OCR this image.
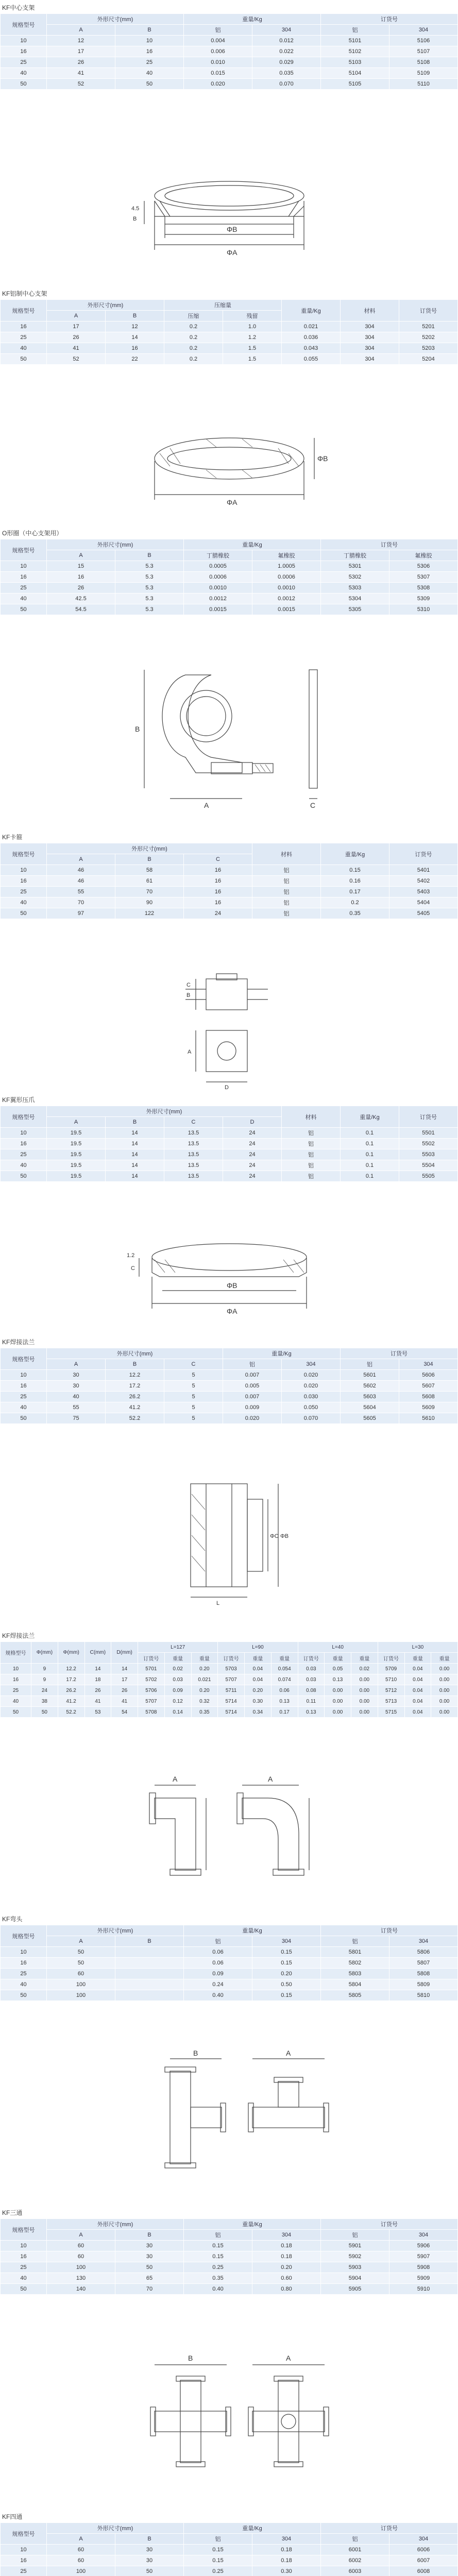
KF中心支架
规格型号	外形尺寸(mm)		重量/Kg		订货号	
	A	B	铝	304	铝	304
10	12	10	0.004	0.012	5101	5106
16	17	16	0.006	0.022	5102	5107
25	26	25	0.010	0.029	5103	5108
40	41	40	0.015	0.035	5104	5109
50	52	50	0.020	0.070	5105	5110
ΦB
ΦA
4.5
B
KF铝制中心支架
规格型号	外形尺寸(mm)		压缩量		重量/Kg	材料	订货号
	A	B	压缩	残留			
16	17	12	0.2	1.0	0.021	304	5201
25	26	14	0.2	1.2	0.036	304	5202
40	41	16	0.2	1.5	0.043	304	5203
50	52	22	0.2	1.5	0.055	304	5204
ΦA
ΦB
O形圈（中心支架用）
规格型号	外形尺寸(mm)		重量/Kg		订货号	
	A	B	丁腈橡胶	氟橡胶	丁腈橡胶	氟橡胶
10	15	5.3	0.0005	1.0005	5301	5306
16	16	5.3	0.0006	0.0006	5302	5307
25	26	5.3	0.0010	0.0010	5303	5308
40	42.5	5.3	0.0012	0.0012	5304	5309
50	54.5	5.3	0.0015	0.0015	5305	5310
A
B
C
KF卡箍
规格型号	外形尺寸(mm)			材料	重量/Kg	订货号
	A	B	C			
10	46	58	16	铝	0.15	5401
16	46	61	16	铝	0.16	5402
25	55	70	16	铝	0.17	5403
40	70	90	16	铝	0.2	5404
50	97	122	24	铝	0.35	5405
C
B
A
D
KF翼形压爪
规格型号	外形尺寸(mm)				材料	重量/Kg	订货号
	A	B	C	D			
10	19.5	14	13.5	24	铝	0.1	5501
16	19.5	14	13.5	24	铝	0.1	5502
25	19.5	14	13.5	24	铝	0.1	5503
40	19.5	14	13.5	24	铝	0.1	5504
50	19.5	14	13.5	24	铝	0.1	5505
ΦB
ΦA
C
1.2
KF焊接法兰
规格型号	外形尺寸(mm)			重量/Kg		订货号	
	A	B	C	铝	304	铝	304
10	30	12.2	5	0.007	0.020	5601	5606
16	30	17.2	5	0.005	0.020	5602	5607
25	40	26.2	5	0.007	0.030	5603	5608
40	55	41.2	5	0.009	0.050	5604	5609
50	75	52.2	5	0.020	0.070	5605	5610
ΦC ΦB
L
KF焊接法兰
规格型号	Φ(mm)	Φ(mm)	C(mm)	D(mm)	L=127			L=90			L=40			L=30		
					订货号	重量	重量	订货号	重量	重量	订货号	重量	重量	订货号	重量	重量
10	9	12.2	14	14	5701	0.02	0.20	5703	0.04	0.054	0.03	0.05	0.02	5709	0.04	0.00
16	9	17.2	18	17	5702	0.03	0.021	5707	0.04	0.074	0.03	0.13	0.00	5710	0.04	0.00
25	24	26.2	26	26	5706	0.09	0.20	5711	0.20	0.06	0.08	0.00	0.00	5712	0.04	0.00
40	38	41.2	41	41	5707	0.12	0.32	5714	0.30	0.13	0.11	0.00	0.00	5713	0.04	0.00
50	50	52.2	53	54	5708	0.14	0.35	5714	0.34	0.17	0.13	0.00	0.00	5715	0.04	0.00
A	A
KF弯头
规格型号	外形尺寸(mm)		重量/Kg		订货号	
	A	B	铝	304	铝	304
10	50		0.06	0.15	5801	5806
16	50		0.06	0.15	5802	5807
25	60		0.09	0.20	5803	5808
40	100		0.24	0.50	5804	5809
50	100		0.40	0.15	5805	5810
B	A
KF三通
规格型号	外形尺寸(mm)		重量/Kg		订货号	
	A	B	铝	304	铝	304
10	60	30	0.15	0.18	5901	5906
16	60	30	0.15	0.18	5902	5907
25	100	50	0.25	0.20	5903	5908
40	130	65	0.35	0.60	5904	5909
50	140	70	0.40	0.80	5905	5910
B	A
KF四通
规格型号	外形尺寸(mm)		重量/Kg		订货号	
	A	B	铝	304	铝	304
10	60	30	0.15	0.18	6001	6006
16	60	30	0.15	0.18	6002	6007
25	100	50	0.25	0.30	6003	6008
